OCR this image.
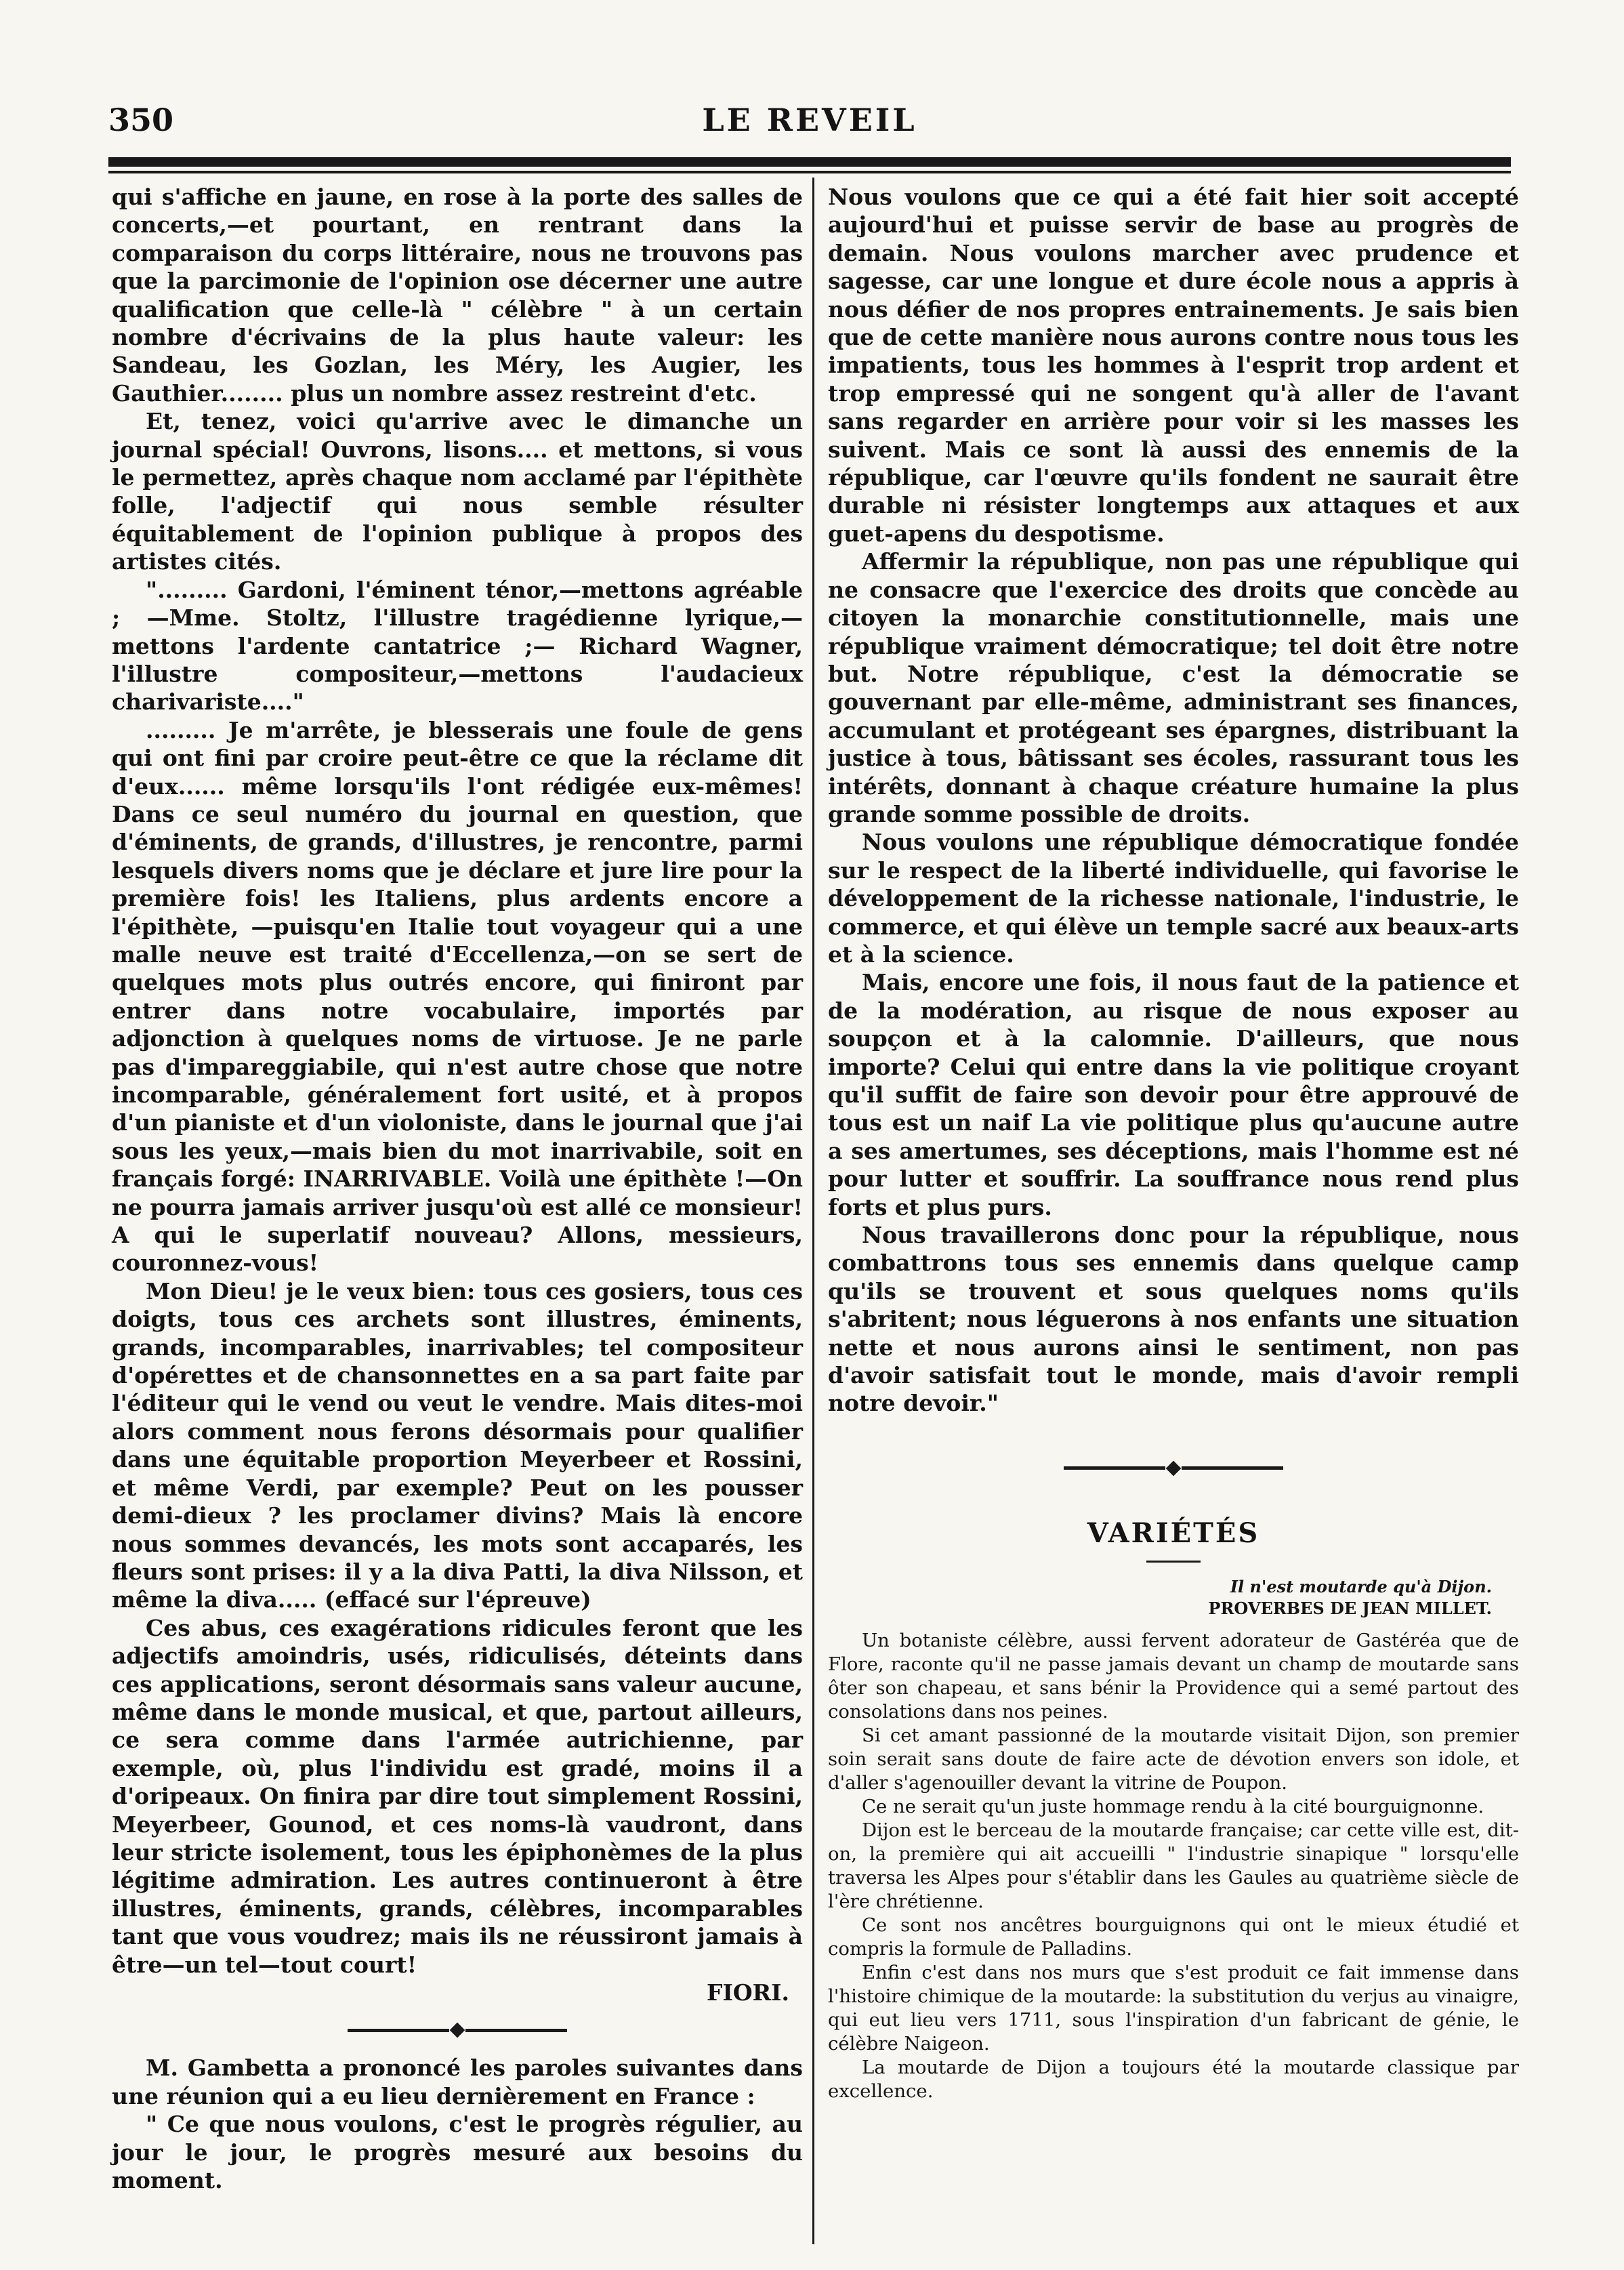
350	LE REVEIL

qui s'affiche en jaune, en rose à la porte des salles de concerts,—et pourtant, en rentrant dans la comparaison du corps littéraire, nous ne trouvons pas que la parcimonie de l'opinion ose décerner une autre qualification que celle-là " célèbre " à un certain nombre d'écrivains de la plus haute valeur: les Sandeau, les Gozlan, les Méry, les Augier, les Gauthier........ plus un nombre assez restreint d'etc.

Et, tenez, voici qu'arrive avec le dimanche un journal spécial! Ouvrons, lisons.... et mettons, si vous le permettez, après chaque nom acclamé par l'épithète folle, l'adjectif qui nous semble résulter équitablement de l'opinion publique à propos des artistes cités.

"......... Gardoni, l'éminent ténor,—mettons agréable ; —Mme. Stoltz, l'illustre tragédienne lyrique,—mettons l'ardente cantatrice ;— Richard Wagner, l'illustre compositeur,—mettons l'audacieux charivariste...."

......... Je m'arrête, je blesserais une foule de gens qui ont fini par croire peut-être ce que la réclame dit d'eux...... même lorsqu'ils l'ont rédigée eux-mêmes! Dans ce seul numéro du journal en question, que d'éminents, de grands, d'illustres, je rencontre, parmi lesquels divers noms que je déclare et jure lire pour la première fois! les Italiens, plus ardents encore a l'épithète, —puisqu'en Italie tout voyageur qui a une malle neuve est traité d'Eccellenza,—on se sert de quelques mots plus outrés encore, qui finiront par entrer dans notre vocabulaire, importés par adjonction à quelques noms de virtuose. Je ne parle pas d'impareggiabile, qui n'est autre chose que notre incomparable, généralement fort usité, et à propos d'un pianiste et d'un violoniste, dans le journal que j'ai sous les yeux,—mais bien du mot inarrivabile, soit en français forgé: INARRIVABLE. Voilà une épithète !—On ne pourra jamais arriver jusqu'où est allé ce monsieur! A qui le superlatif nouveau? Allons, messieurs, couronnez-vous!

Mon Dieu! je le veux bien: tous ces gosiers, tous ces doigts, tous ces archets sont illustres, éminents, grands, incomparables, inarrivables; tel compositeur d'opérettes et de chansonnettes en a sa part faite par l'éditeur qui le vend ou veut le vendre. Mais dites-moi alors comment nous ferons désormais pour qualifier dans une équitable proportion Meyerbeer et Rossini, et même Verdi, par exemple? Peut on les pousser demi-dieux ? les proclamer divins? Mais là encore nous sommes devancés, les mots sont accaparés, les fleurs sont prises: il y a la diva Patti, la diva Nilsson, et même la diva..... (effacé sur l'épreuve)

Ces abus, ces exagérations ridicules feront que les adjectifs amoindris, usés, ridiculisés, déteints dans ces applications, seront désormais sans valeur aucune, même dans le monde musical, et que, partout ailleurs, ce sera comme dans l'armée autrichienne, par exemple, où, plus l'individu est gradé, moins il a d'oripeaux. On finira par dire tout simplement Rossini, Meyerbeer, Gounod, et ces noms-là vaudront, dans leur stricte isolement, tous les épiphonèmes de la plus légitime admiration. Les autres continueront à être illustres, éminents, grands, célèbres, incomparables tant que vous voudrez; mais ils ne réussiront jamais à être—un tel—tout court!

FIORI.

M. Gambetta a prononcé les paroles suivantes dans une réunion qui a eu lieu dernièrement en France :

" Ce que nous voulons, c'est le progrès régulier, au jour le jour, le progrès mesuré aux besoins du moment.

Nous voulons que ce qui a été fait hier soit accepté aujourd'hui et puisse servir de base au progrès de demain. Nous voulons marcher avec prudence et sagesse, car une longue et dure école nous a appris à nous défier de nos propres entrainements. Je sais bien que de cette manière nous aurons contre nous tous les impatients, tous les hommes à l'esprit trop ardent et trop empressé qui ne songent qu'à aller de l'avant sans regarder en arrière pour voir si les masses les suivent. Mais ce sont là aussi des ennemis de la république, car l'œuvre qu'ils fondent ne saurait être durable ni résister longtemps aux attaques et aux guet-apens du despotisme.

Affermir la république, non pas une république qui ne consacre que l'exercice des droits que concède au citoyen la monarchie constitutionnelle, mais une république vraiment démocratique; tel doit être notre but. Notre république, c'est la démocratie se gouvernant par elle-même, administrant ses finances, accumulant et protégeant ses épargnes, distribuant la justice à tous, bâtissant ses écoles, rassurant tous les intérêts, donnant à chaque créature humaine la plus grande somme possible de droits.

Nous voulons une république démocratique fondée sur le respect de la liberté individuelle, qui favorise le développement de la richesse nationale, l'industrie, le commerce, et qui élève un temple sacré aux beaux-arts et à la science.

Mais, encore une fois, il nous faut de la patience et de la modération, au risque de nous exposer au soupçon et à la calomnie. D'ailleurs, que nous importe? Celui qui entre dans la vie politique croyant qu'il suffit de faire son devoir pour être approuvé de tous est un naif La vie politique plus qu'aucune autre a ses amertumes, ses déceptions, mais l'homme est né pour lutter et souffrir. La souffrance nous rend plus forts et plus purs.

Nous travaillerons donc pour la république, nous combattrons tous ses ennemis dans quelque camp qu'ils se trouvent et sous quelques noms qu'ils s'abritent; nous léguerons à nos enfants une situation nette et nous aurons ainsi le sentiment, non pas d'avoir satisfait tout le monde, mais d'avoir rempli notre devoir."

VARIÉTÉS

Il n'est moutarde qu'à Dijon.

PROVERBES DE JEAN MILLET.

Un botaniste célèbre, aussi fervent adorateur de Gastéréa que de Flore, raconte qu'il ne passe jamais devant un champ de moutarde sans ôter son chapeau, et sans bénir la Providence qui a semé partout des consolations dans nos peines.

Si cet amant passionné de la moutarde visitait Dijon, son premier soin serait sans doute de faire acte de dévotion envers son idole, et d'aller s'agenouiller devant la vitrine de Poupon.

Ce ne serait qu'un juste hommage rendu à la cité bourguignonne.

Dijon est le berceau de la moutarde française; car cette ville est, dit-on, la première qui ait accueilli " l'industrie sinapique " lorsqu'elle traversa les Alpes pour s'établir dans les Gaules au quatrième siècle de l'ère chrétienne.

Ce sont nos ancêtres bourguignons qui ont le mieux étudié et compris la formule de Palladins.

Enfin c'est dans nos murs que s'est produit ce fait immense dans l'histoire chimique de la moutarde: la substitution du verjus au vinaigre, qui eut lieu vers 1711, sous l'inspiration d'un fabricant de génie, le célèbre Naigeon.

La moutarde de Dijon a toujours été la moutarde classique par excellence.
